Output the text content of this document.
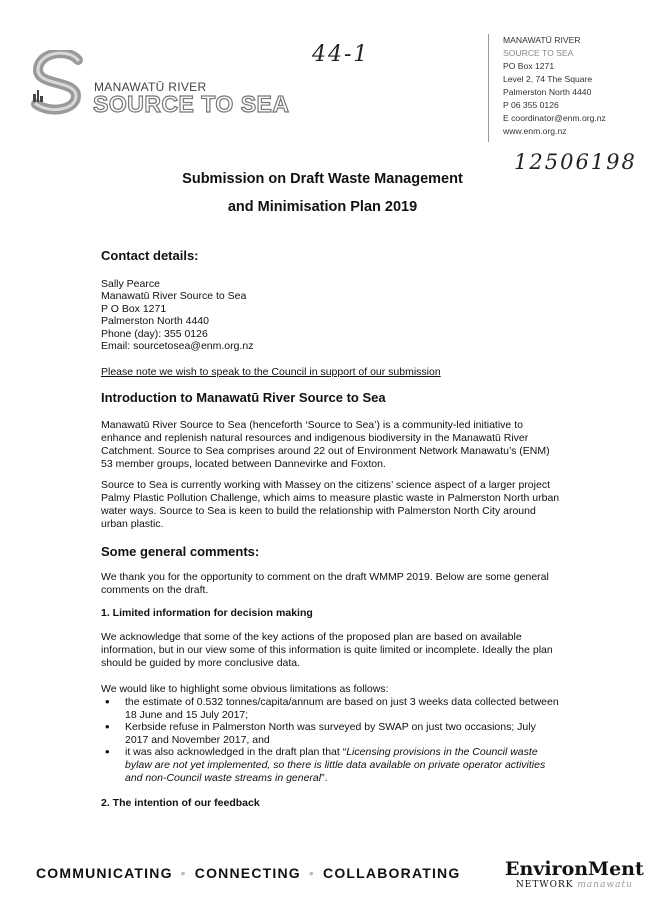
MANAWATŪ RIVER
SOURCE TO SEA
44-1
12506198
MANAWATŪ RIVER
SOURCE TO SEA
PO Box 1271
Level 2, 74 The Square
Palmerston North 4440
P 06 355 0126
E coordinator@enm.org.nz
www.enm.org.nz
Submission on Draft Waste Management
and Minimisation Plan 2019
Contact details:
Sally Pearce
Manawatū River Source to Sea
P O Box 1271
Palmerston North 4440
Phone (day): 355 0126
Email: sourcetosea@enm.org.nz
Please note we wish to speak to the Council in support of our submission
Introduction to Manawatū River Source to Sea
Manawatū River Source to Sea (henceforth ‘Source to Sea’) is a community-led initiative to enhance and replenish natural resources and indigenous biodiversity in the Manawatū River Catchment. Source to Sea comprises around 22 out of Environment Network Manawatu’s (ENM) 53 member groups, located between Dannevirke and Foxton.
Source to Sea is currently working with Massey on the citizens’ science aspect of a larger project Palmy Plastic Pollution Challenge, which aims to measure plastic waste in Palmerston North urban water ways. Source to Sea is keen to build the relationship with Palmerston North City around urban plastic.
Some general comments:
We thank you for the opportunity to comment on the draft WMMP 2019. Below are some general comments on the draft.
1. Limited information for decision making
We acknowledge that some of the key actions of the proposed plan are based on available information, but in our view some of this information is quite limited or incomplete. Ideally the plan should be guided by more conclusive data.
We would like to highlight some obvious limitations as follows:
• the estimate of 0.532 tonnes/capita/annum are based on just 3 weeks data collected between 18 June and 15 July 2017;
• Kerbside refuse in Palmerston North was surveyed by SWAP on just two occasions; July 2017 and November 2017, and
• it was also acknowledged in the draft plan that “Licensing provisions in the Council waste bylaw are not yet implemented, so there is little data available on private operator activities and non-Council waste streams in general”.
2. The intention of our feedback
COMMUNICATING • CONNECTING • COLLABORATING EnvironMent
NETWORK manawatu
